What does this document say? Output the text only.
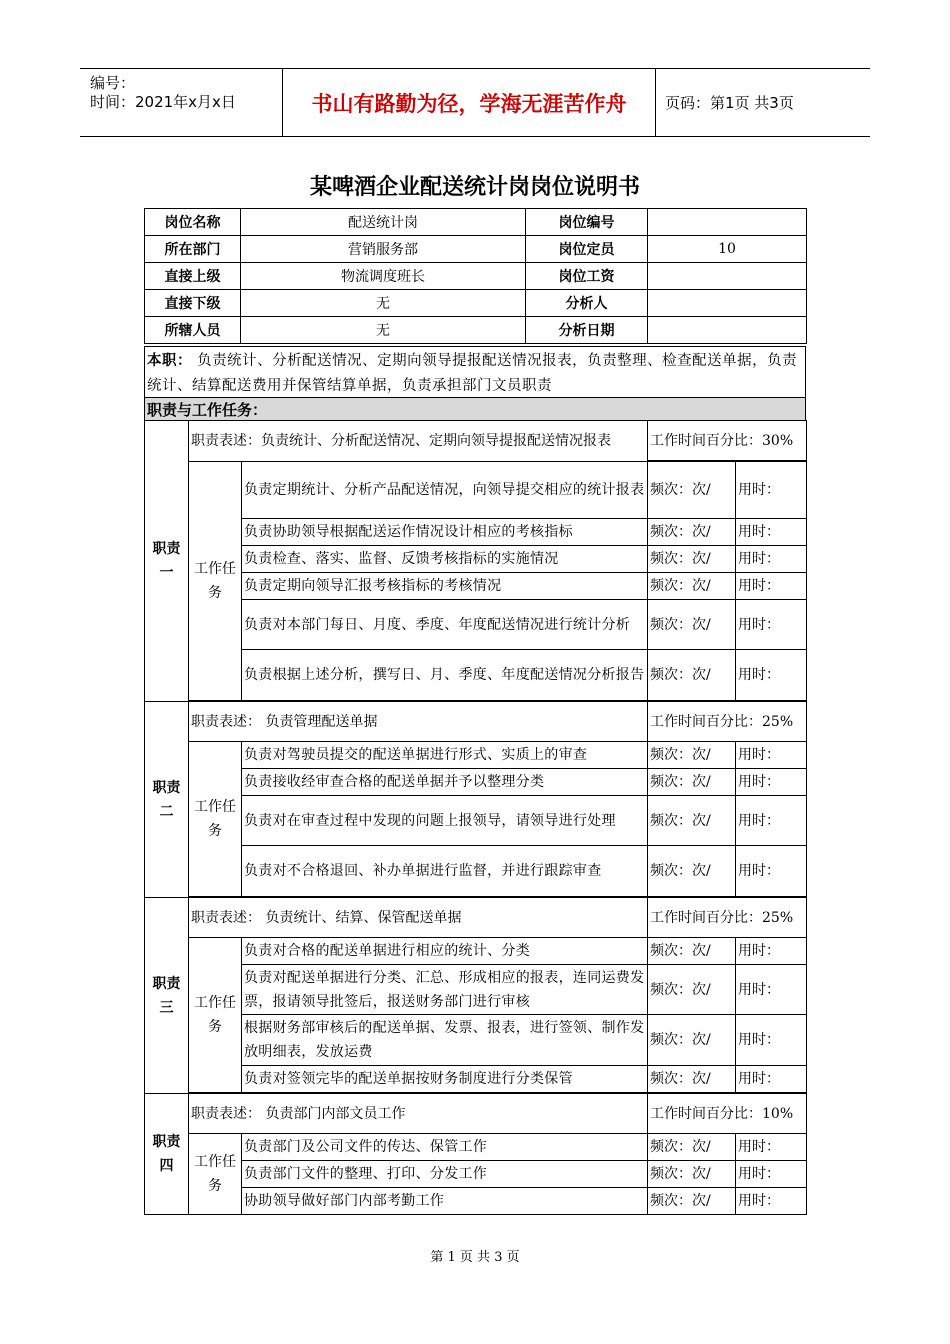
编号：
时间：2021年x月x日	书山有路勤为径，学海无涯苦作舟	页码：第1页 共3页
某啤酒企业配送统计岗岗位说明书
岗位名称	配送统计岗	岗位编号	
所在部门	营销服务部	岗位定员	10
直接上级	物流调度班长	岗位工资	
直接下级	无	分析人	
所辖人员	无	分析日期	
本职： 负责统计、分析配送情况、定期向领导提报配送情况报表，负责整理、检查配送单据，负责统计、结算配送费用并保管结算单据，负责承担部门文员职责
职责与工作任务：
职责一	职责表述：负责统计、分析配送情况、定期向领导提报配送情况报表		工作时间百分比：30%	

	工作任务	负责定期统计、分析产品配送情况，向领导提交相应的统计报表	频次：次/	用时：
		负责协助领导根据配送运作情况设计相应的考核指标	频次：次/	用时：
		负责检查、落实、监督、反馈考核指标的实施情况	频次：次/	用时：
		负责定期向领导汇报考核指标的考核情况	频次：次/	用时：
		负责对本部门每日、月度、季度、年度配送情况进行统计分析	频次：次/	用时：
		负责根据上述分析，撰写日、月、季度、年度配送情况分析报告	频次：次/	用时：

职责二	职责表述： 负责管理配送单据		工作时间百分比：25%	
	工作任务	负责对驾驶员提交的配送单据进行形式、实质上的审查	频次：次/	用时：
		负责接收经审查合格的配送单据并予以整理分类	频次：次/	用时：
		负责对在审查过程中发现的问题上报领导，请领导进行处理	频次：次/	用时：
		负责对不合格退回、补办单据进行监督，并进行跟踪审查	频次：次/	用时：

职责三	职责表述： 负责统计、结算、保管配送单据		工作时间百分比：25%	
	工作任务	负责对合格的配送单据进行相应的统计、分类	频次：次/	用时：
		负责对配送单据进行分类、汇总、形成相应的报表，连同运费发票，报请领导批签后，报送财务部门进行审核	频次：次/	用时：
		根据财务部审核后的配送单据、发票、报表，进行签领、制作发放明细表，发放运费	频次：次/	用时：
		负责对签领完毕的配送单据按财务制度进行分类保管	频次：次/	用时：

职责四	职责表述： 负责部门内部文员工作		工作时间百分比：10%	
	工作任务	负责部门及公司文件的传达、保管工作	频次：次/	用时：
		负责部门文件的整理、打印、分发工作	频次：次/	用时：
		协助领导做好部门内部考勤工作	频次：次/	用时：
第 1 页 共 3 页
